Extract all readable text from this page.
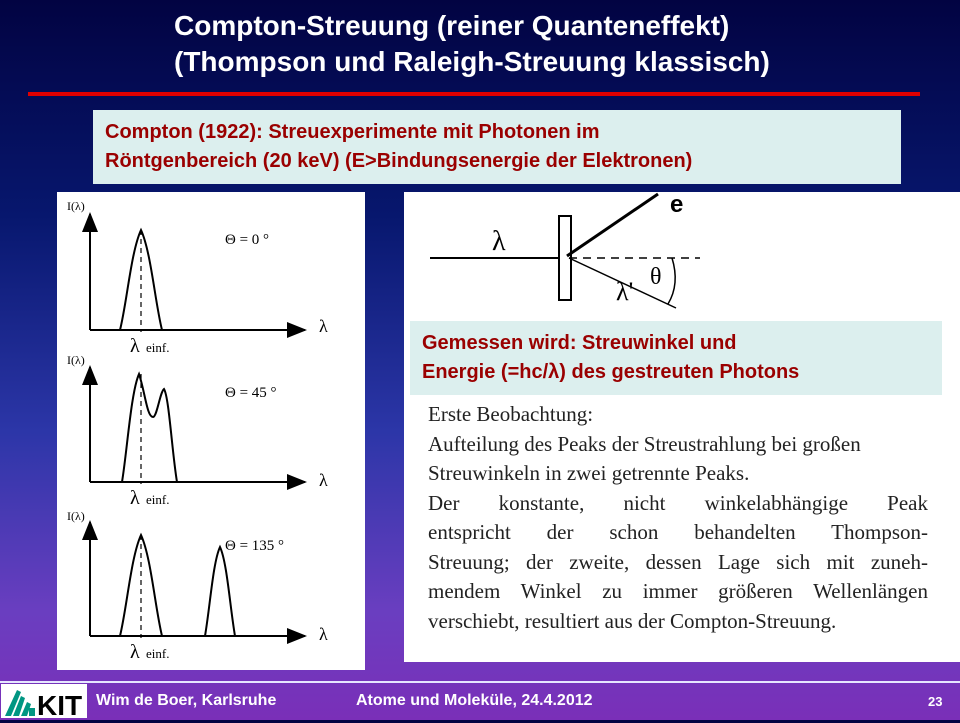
Compton-Streuung (reiner Quanteneffekt)
(Thompson und Raleigh-Streuung klassisch)
Compton (1922): Streuexperimente mit Photonen im
Röntgenbereich (20 keV) (E>Bindungsenergie der Elektronen)
I(λ)
λ
Θ = 0 °
λ einf.
I(λ)
λ
Θ = 45 °
λ einf.
I(λ)
λ
Θ = 135 °
λ einf.
λ
e
λ' θ
Gemessen wird: Streuwinkel und
Energie (=hc/λ) des gestreuten Photons
Erste Beobachtung:
Aufteilung des Peaks der Streustrahlung bei großen
Streuwinkeln in zwei getrennte Peaks.
Der konstante, nicht winkelabhängige Peak
entspricht der schon behandelten Thompson-
Streuung; der zweite, dessen Lage sich mit zuneh-
mendem Winkel zu immer größeren Wellenlängen
verschiebt, resultiert aus der Compton-Streuung.
KIT Wim de Boer, Karlsruhe	Atome und Moleküle, 24.4.2012	23
